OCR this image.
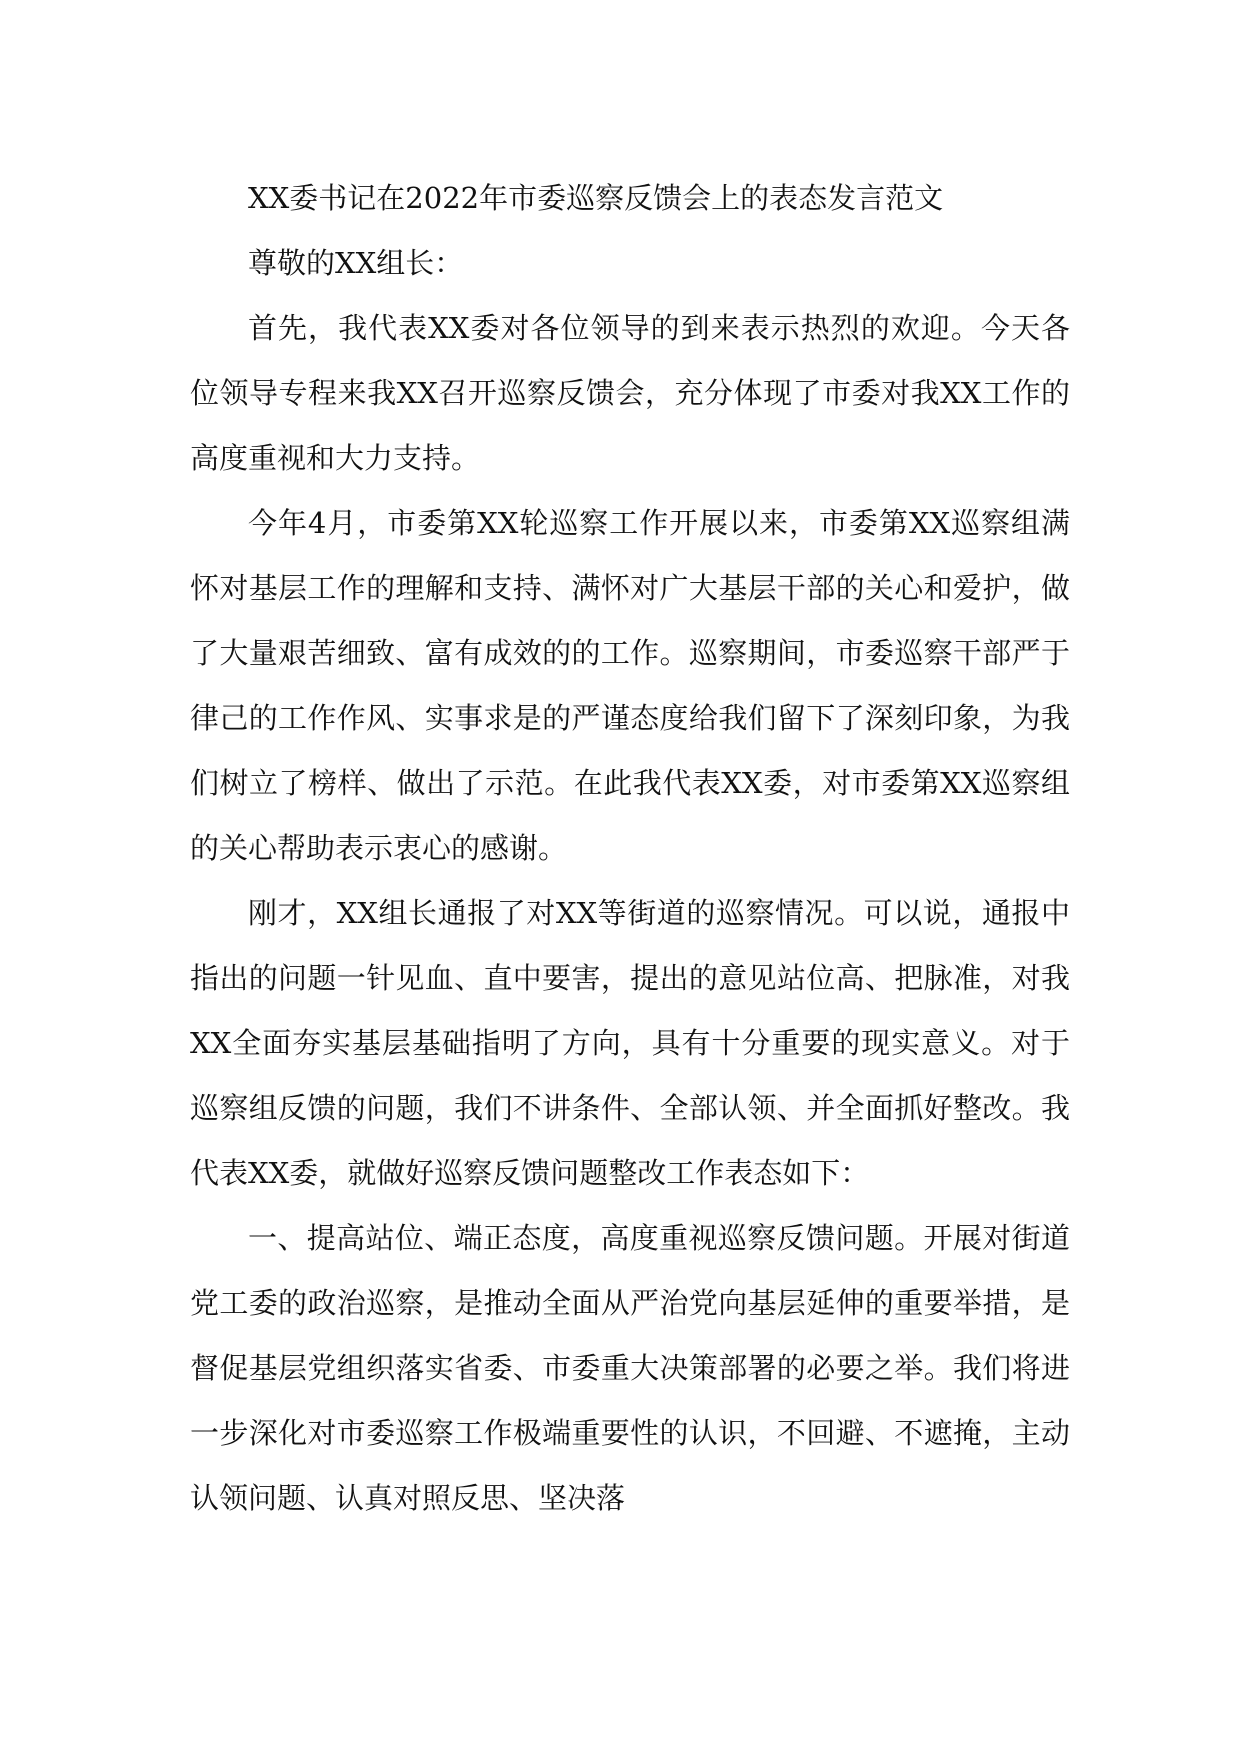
XX委书记在2022年市委巡察反馈会上的表态发言范文

尊敬的XX组长：

首先，我代表XX委对各位领导的到来表示热烈的欢迎。今天各位领导专程来我XX召开巡察反馈会，充分体现了市委对我XX工作的高度重视和大力支持。

今年4月，市委第XX轮巡察工作开展以来，市委第XX巡察组满怀对基层工作的理解和支持、满怀对广大基层干部的关心和爱护，做了大量艰苦细致、富有成效的的工作。巡察期间，市委巡察干部严于律己的工作作风、实事求是的严谨态度给我们留下了深刻印象，为我们树立了榜样、做出了示范。在此我代表XX委，对市委第XX巡察组的关心帮助表示衷心的感谢。

刚才，XX组长通报了对XX等街道的巡察情况。可以说，通报中指出的问题一针见血、直中要害，提出的意见站位高、把脉准，对我XX全面夯实基层基础指明了方向，具有十分重要的现实意义。对于巡察组反馈的问题，我们不讲条件、全部认领、并全面抓好整改。我代表XX委，就做好巡察反馈问题整改工作表态如下：

一、提高站位、端正态度，高度重视巡察反馈问题。开展对街道党工委的政治巡察，是推动全面从严治党向基层延伸的重要举措，是督促基层党组织落实省委、市委重大决策部署的必要之举。我们将进一步深化对市委巡察工作极端重要性的认识，不回避、不遮掩，主动认领问题、认真对照反思、坚决落
